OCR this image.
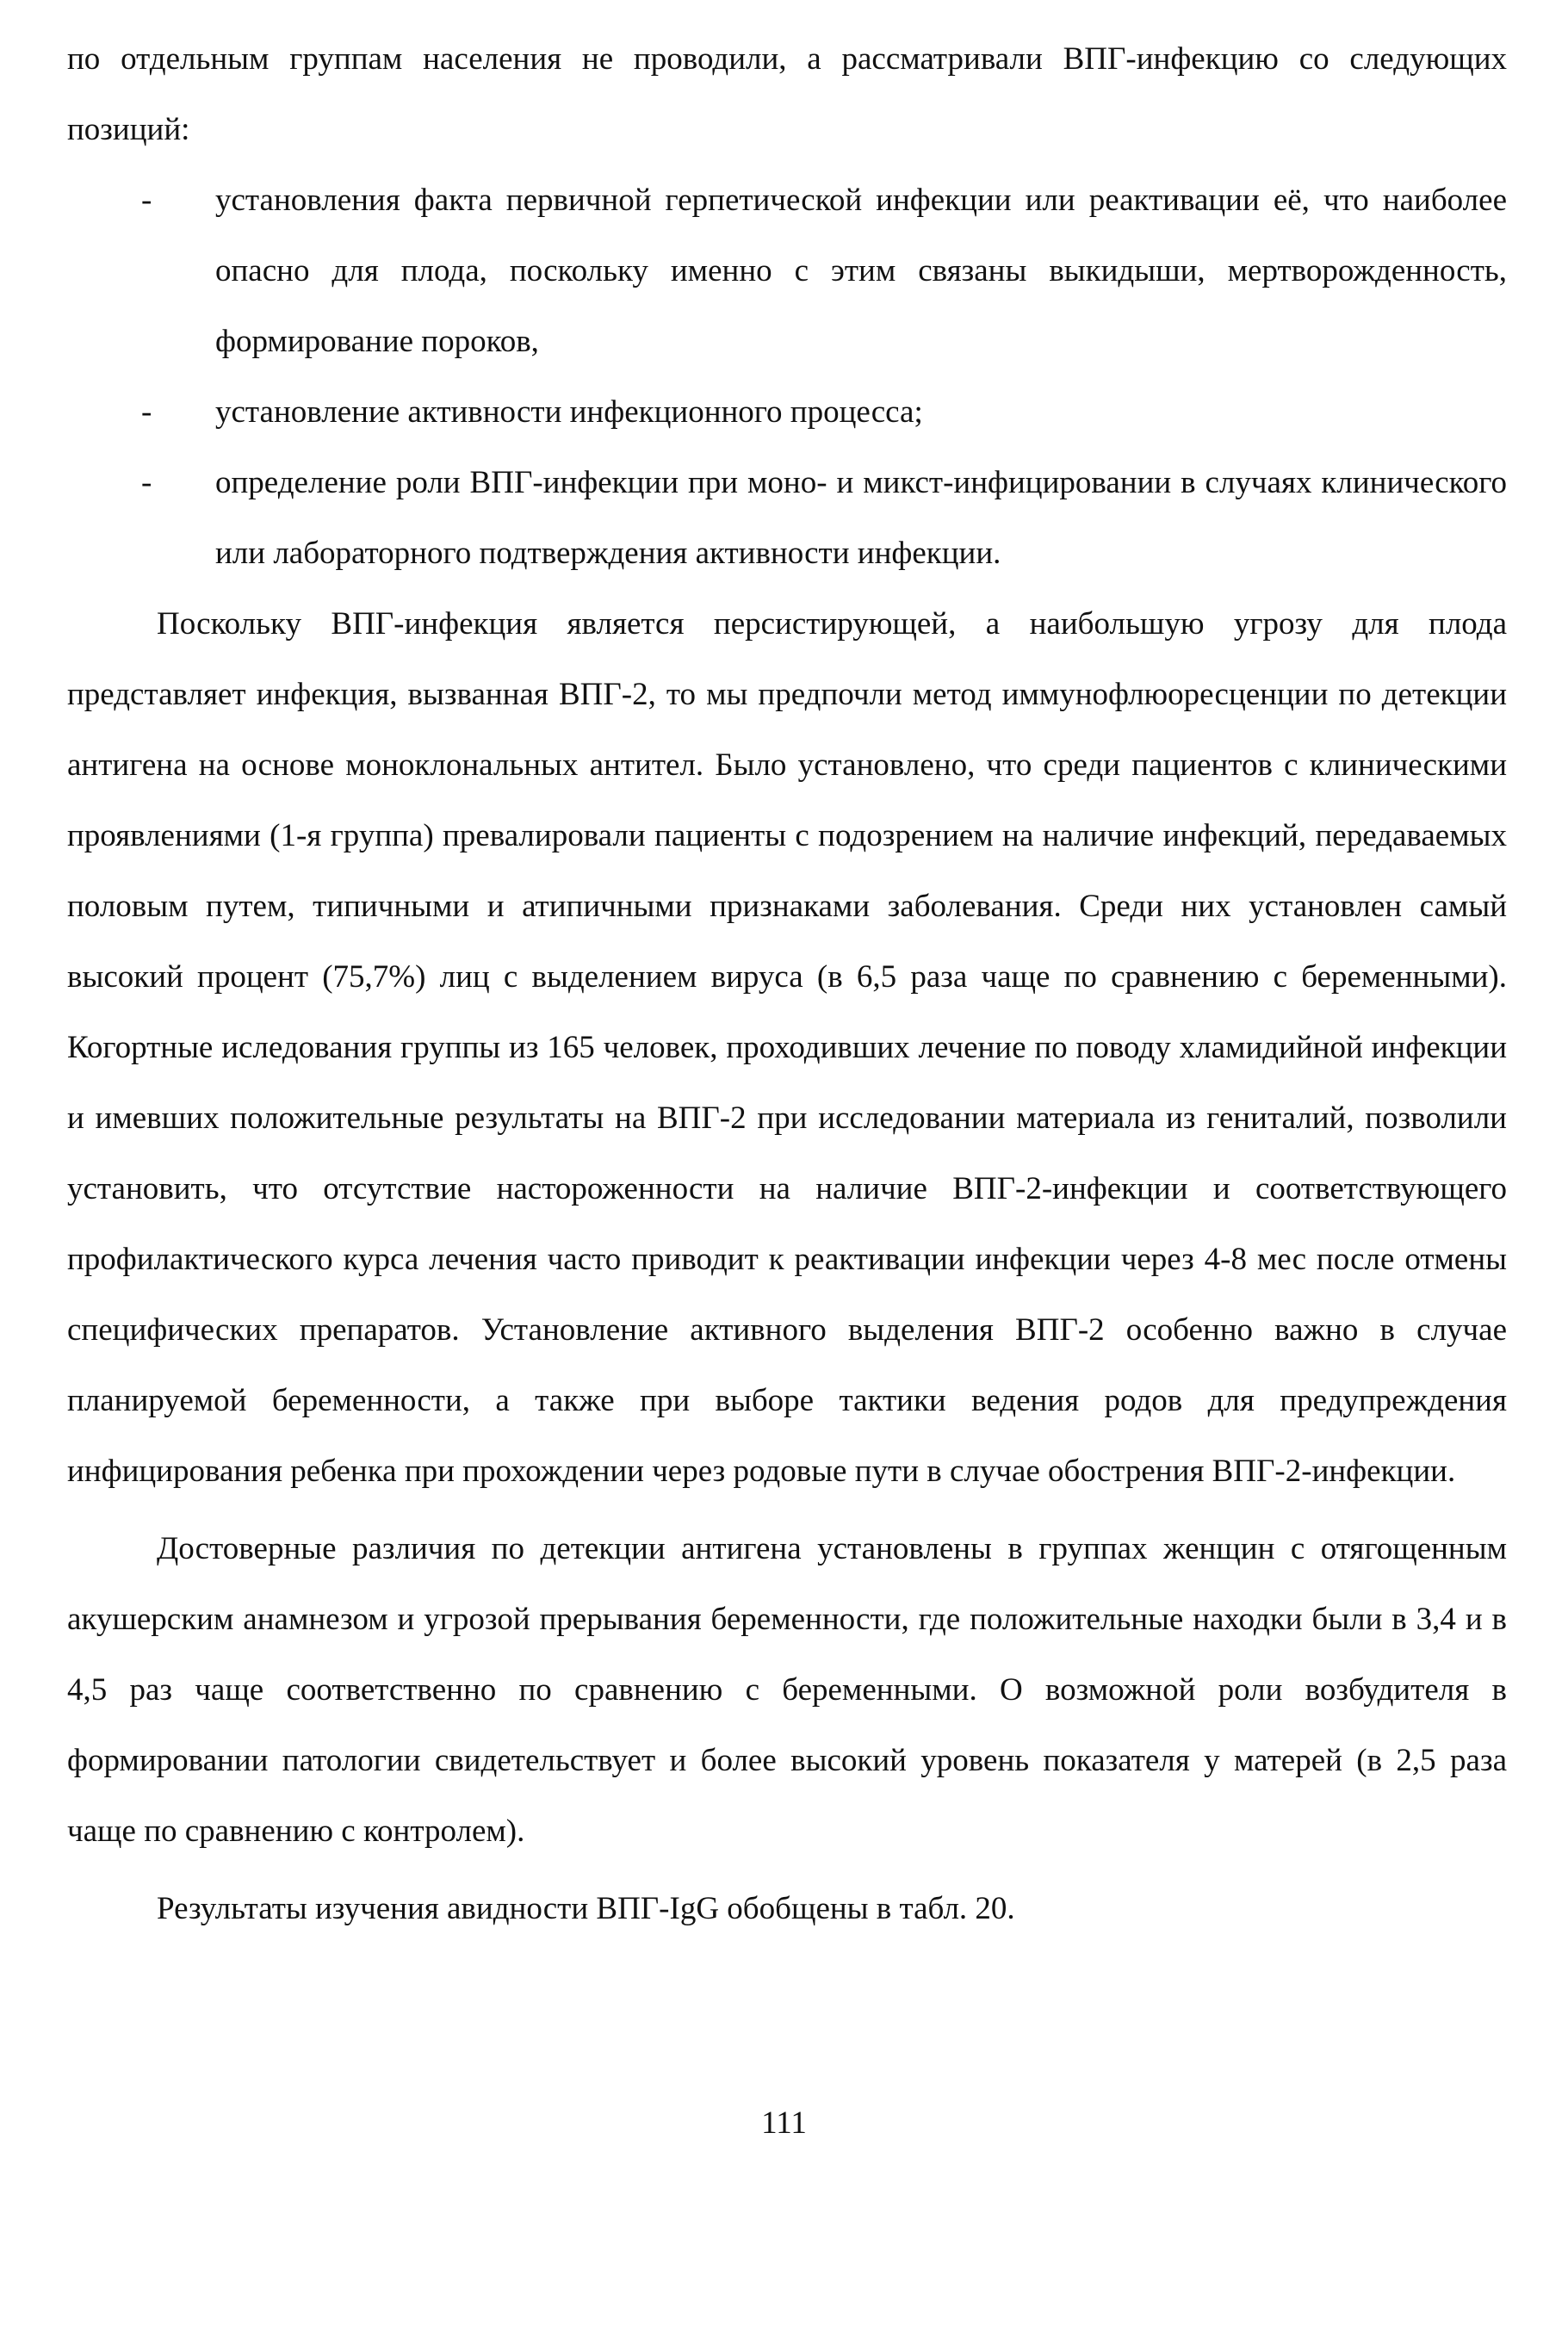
по отдельным группам населения не проводили, а рассматривали ВПГ-инфекцию со следующих позиций:

- установления факта первичной герпетической инфекции или реактивации её, что наиболее опасно для плода, поскольку именно с этим связаны выкидыши, мертворожденность, формирование пороков,
- установление активности инфекционного процесса;
- определение роли ВПГ-инфекции при моно- и микст-инфицировании в случаях клинического или лабораторного подтверждения активности инфекции.

Поскольку ВПГ-инфекция является персистирующей, а наибольшую угрозу для плода представляет инфекция, вызванная ВПГ-2, то мы предпочли метод иммунофлюоресценции по детекции антигена на основе моноклональных антител. Было установлено, что среди пациентов с клиническими проявлениями (1-я группа) превалировали пациенты с подозрением на наличие инфекций, передаваемых половым путем, типичными и атипичными признаками заболевания. Среди них установлен самый высокий процент (75,7%) лиц с выделением вируса (в 6,5 раза чаще по сравнению с беременными). Когортные иследования группы из 165 человек, проходивших лечение по поводу хламидийной инфекции и имевших положительные результаты на ВПГ-2 при исследовании материала из гениталий, позволили установить, что отсутствие настороженности на наличие ВПГ-2-инфекции и соответствующего профилактического курса лечения часто приводит к реактивации инфекции через 4-8 мес после отмены специфических препаратов. Установление активного выделения ВПГ-2 особенно важно в случае планируемой беременности, а также при выборе тактики ведения родов для предупреждения инфицирования ребенка при прохождении через родовые пути в случае обострения ВПГ-2-инфекции.

Достоверные различия по детекции антигена установлены в группах женщин с отягощенным акушерским анамнезом и угрозой прерывания беременности, где положительные находки были в 3,4 и в 4,5 раз чаще соответственно по сравнению с беременными. О возможной роли возбудителя в формировании патологии свидетельствует и более высокий уровень показателя у матерей (в 2,5 раза чаще по сравнению с контролем).

Результаты изучения авидности ВПГ-IgG обобщены в табл. 20.

111
